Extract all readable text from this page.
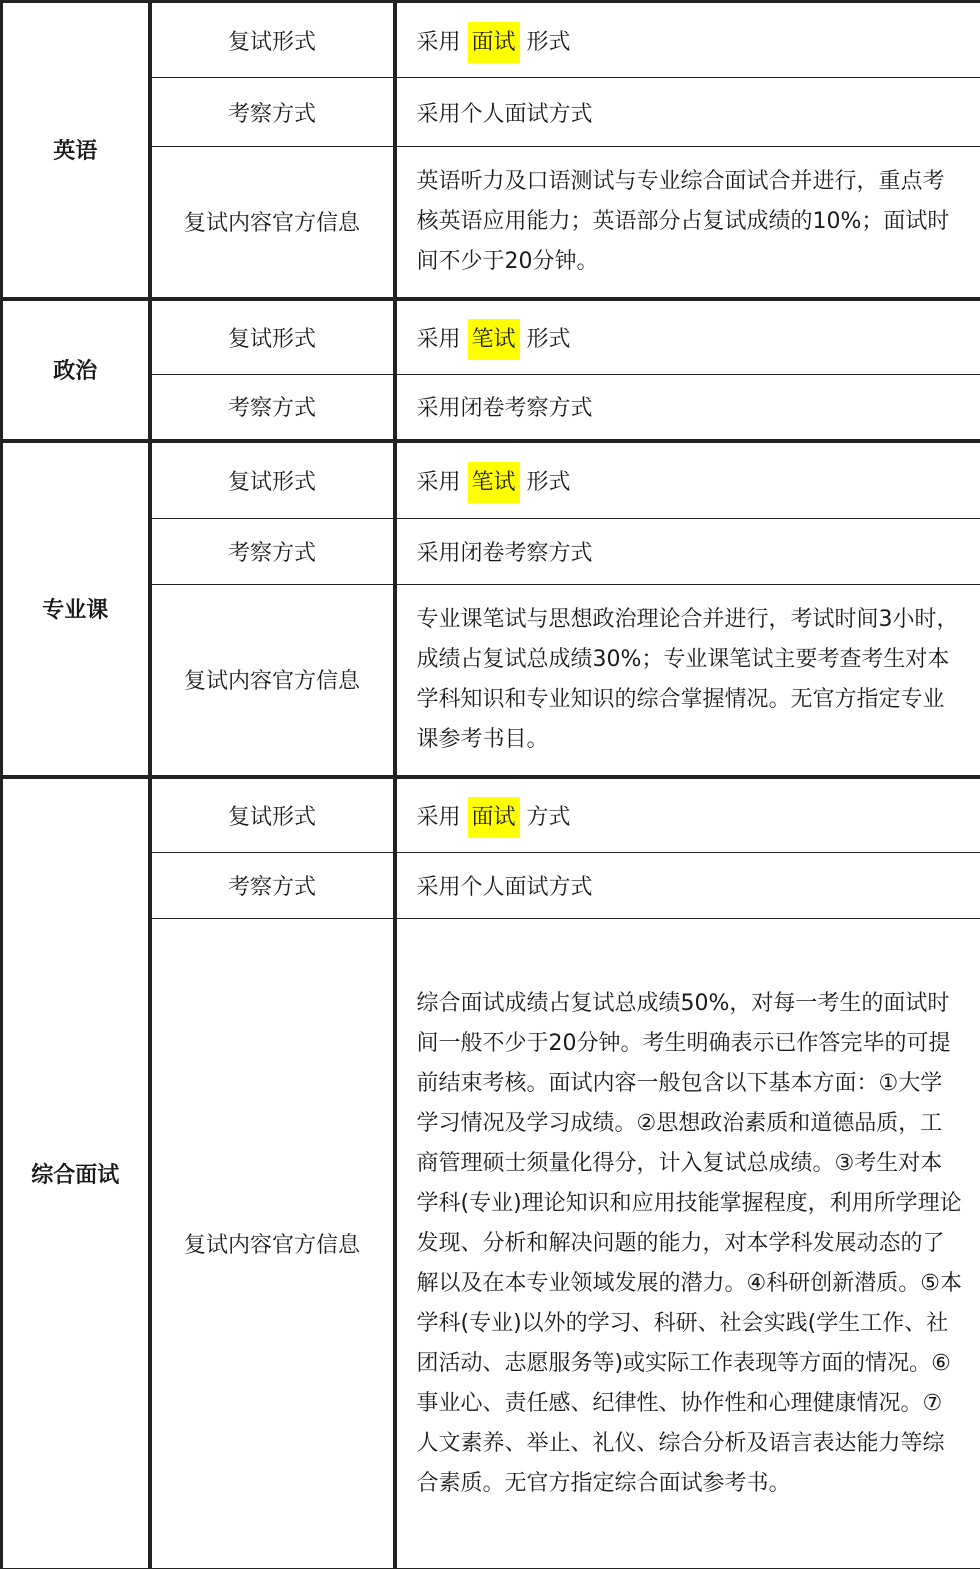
英语	复试形式	采用 面试 形式
	考察方式	采用个人面试方式
	复试内容官方信息	英语听力及口语测试与专业综合面试合并进行，重点考核英语应用能力；英语部分占复试成绩的10%；面试时间不少于20分钟。
政治	复试形式	采用 笔试 形式
	考察方式	采用闭卷考察方式
专业课	复试形式	采用 笔试 形式
	考察方式	采用闭卷考察方式
	复试内容官方信息	专业课笔试与思想政治理论合并进行，考试时间3小时，成绩占复试总成绩30%；专业课笔试主要考查考生对本学科知识和专业知识的综合掌握情况。无官方指定专业课参考书目。
综合面试	复试形式	采用 面试 方式
	考察方式	采用个人面试方式
	复试内容官方信息	综合面试成绩占复试总成绩50%，对每一考生的面试时间一般不少于20分钟。考生明确表示已作答完毕的可提前结束考核。面试内容一般包含以下基本方面：①大学学习情况及学习成绩。②思想政治素质和道德品质，工商管理硕士须量化得分，计入复试总成绩。③考生对本学科(专业)理论知识和应用技能掌握程度，利用所学理论发现、分析和解决问题的能力，对本学科发展动态的了解以及在本专业领域发展的潜力。④科研创新潜质。⑤本学科(专业)以外的学习、科研、社会实践(学生工作、社团活动、志愿服务等)或实际工作表现等方面的情况。⑥事业心、责任感、纪律性、协作性和心理健康情况。⑦人文素养、举止、礼仪、综合分析及语言表达能力等综合素质。无官方指定综合面试参考书。
